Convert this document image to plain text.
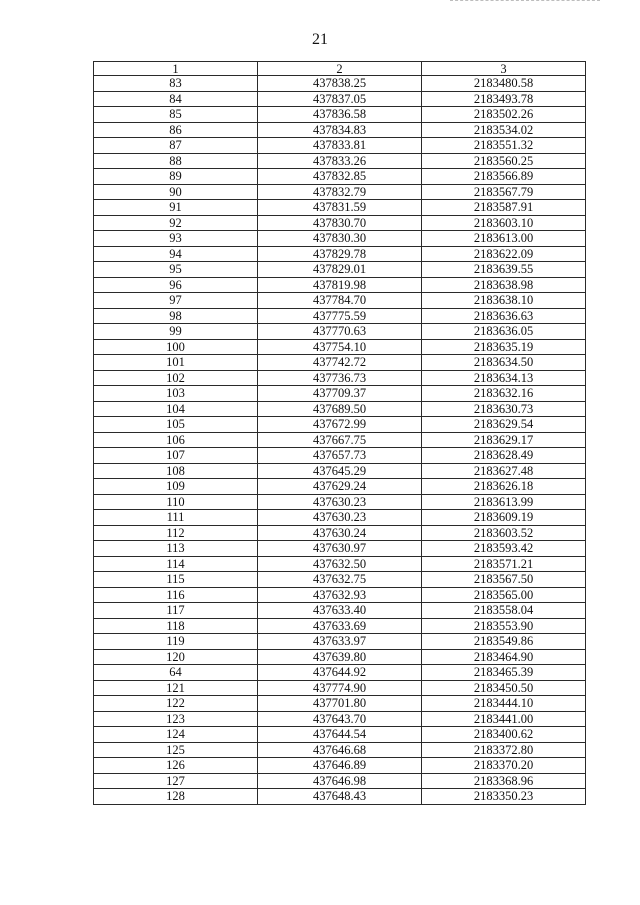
21
1	2	3
83	437838.25	2183480.58
84	437837.05	2183493.78
85	437836.58	2183502.26
86	437834.83	2183534.02
87	437833.81	2183551.32
88	437833.26	2183560.25
89	437832.85	2183566.89
90	437832.79	2183567.79
91	437831.59	2183587.91
92	437830.70	2183603.10
93	437830.30	2183613.00
94	437829.78	2183622.09
95	437829.01	2183639.55
96	437819.98	2183638.98
97	437784.70	2183638.10
98	437775.59	2183636.63
99	437770.63	2183636.05
100	437754.10	2183635.19
101	437742.72	2183634.50
102	437736.73	2183634.13
103	437709.37	2183632.16
104	437689.50	2183630.73
105	437672.99	2183629.54
106	437667.75	2183629.17
107	437657.73	2183628.49
108	437645.29	2183627.48
109	437629.24	2183626.18
110	437630.23	2183613.99
111	437630.23	2183609.19
112	437630.24	2183603.52
113	437630.97	2183593.42
114	437632.50	2183571.21
115	437632.75	2183567.50
116	437632.93	2183565.00
117	437633.40	2183558.04
118	437633.69	2183553.90
119	437633.97	2183549.86
120	437639.80	2183464.90
64	437644.92	2183465.39
121	437774.90	2183450.50
122	437701.80	2183444.10
123	437643.70	2183441.00
124	437644.54	2183400.62
125	437646.68	2183372.80
126	437646.89	2183370.20
127	437646.98	2183368.96
128	437648.43	2183350.23
